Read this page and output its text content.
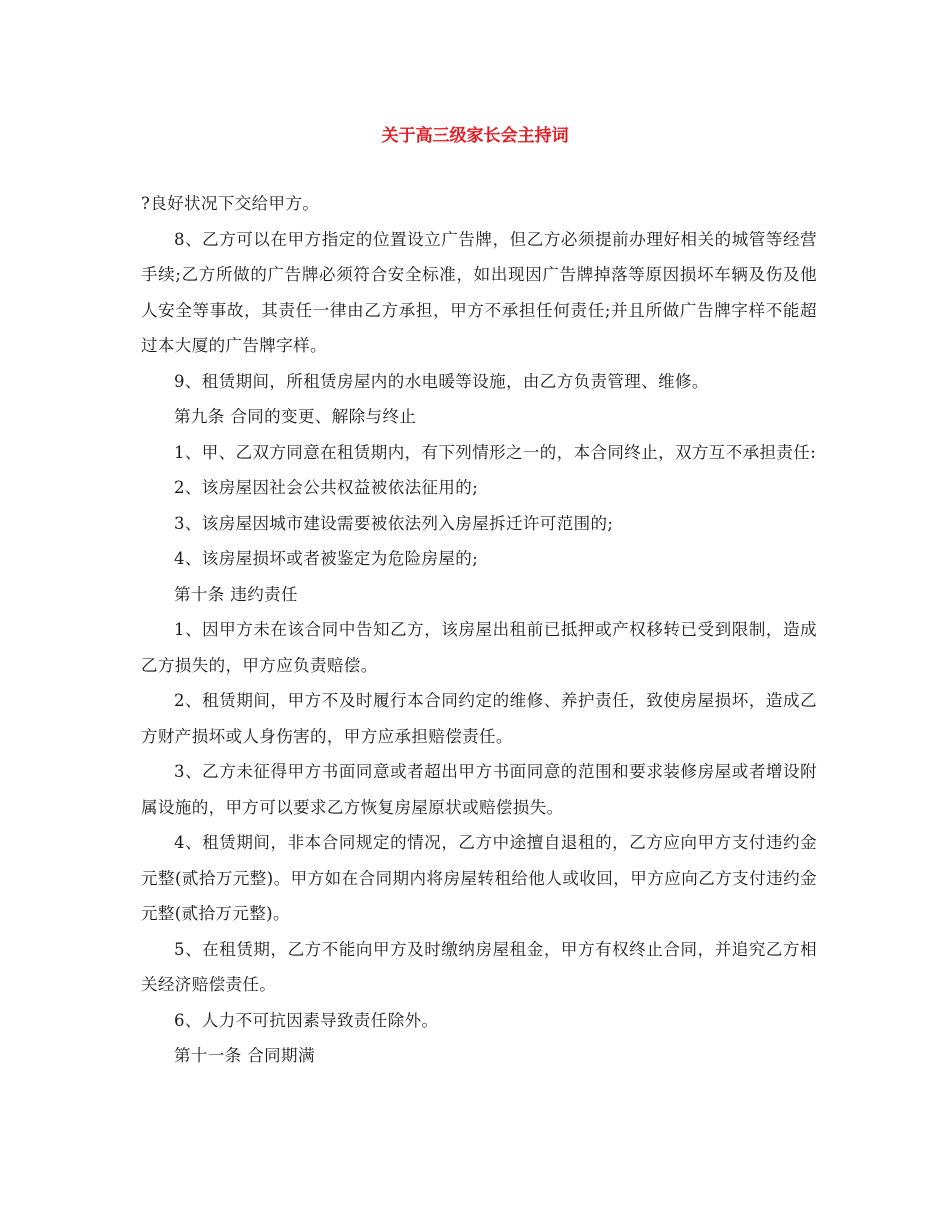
关于高三级家长会主持词

?良好状况下交给甲方。

8、乙方可以在甲方指定的位置设立广告牌，但乙方必须提前办理好相关的城管等经营手续;乙方所做的广告牌必须符合安全标准，如出现因广告牌掉落等原因损坏车辆及伤及他人安全等事故，其责任一律由乙方承担，甲方不承担任何责任;并且所做广告牌字样不能超过本大厦的广告牌字样。

9、租赁期间，所租赁房屋内的水电暖等设施，由乙方负责管理、维修。

第九条 合同的变更、解除与终止

1、甲、乙双方同意在租赁期内，有下列情形之一的，本合同终止，双方互不承担责任:

2、该房屋因社会公共权益被依法征用的;

3、该房屋因城市建设需要被依法列入房屋拆迁许可范围的;

4、该房屋损坏或者被鉴定为危险房屋的;

第十条 违约责任

1、因甲方未在该合同中告知乙方，该房屋出租前已抵押或产权移转已受到限制，造成乙方损失的，甲方应负责赔偿。

2、租赁期间，甲方不及时履行本合同约定的维修、养护责任，致使房屋损坏，造成乙方财产损坏或人身伤害的，甲方应承担赔偿责任。

3、乙方未征得甲方书面同意或者超出甲方书面同意的范围和要求装修房屋或者增设附属设施的，甲方可以要求乙方恢复房屋原状或赔偿损失。

4、租赁期间，非本合同规定的情况，乙方中途擅自退租的，乙方应向甲方支付违约金 元整(贰拾万元整)。甲方如在合同期内将房屋转租给他人或收回，甲方应向乙方支付违约金 元整(贰拾万元整)。

5、在租赁期，乙方不能向甲方及时缴纳房屋租金，甲方有权终止合同，并追究乙方相关经济赔偿责任。

6、人力不可抗因素导致责任除外。

第十一条 合同期满
